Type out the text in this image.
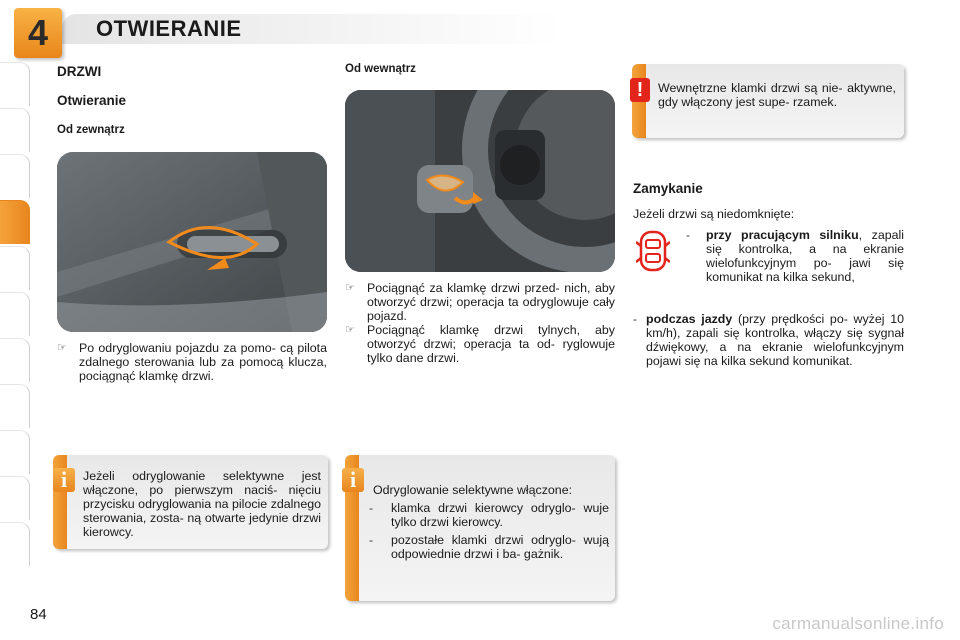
4	OTWIERANIE
DRZWI
Otwieranie
Od zewnątrz
☞ Po odryglowaniu pojazdu za pomo- cą pilota zdalnego sterowania lub za pomocą klucza, pociągnąć klamkę drzwi.
Jeżeli odryglowanie selektywne jest włączone, po pierwszym naciś- nięciu przycisku odryglowania na pilocie zdalnego sterowania, zosta- ną otwarte jedynie drzwi kierowcy.
i
Od wewnątrz
☞ Pociągnąć za klamkę drzwi przed- nich, aby otworzyć drzwi; operacja ta odryglowuje cały pojazd.
☞ Pociągnąć klamkę drzwi tylnych, aby otworzyć drzwi; operacja ta od- ryglowuje tylko dane drzwi.
Odryglowanie selektywne włączone:
- klamka drzwi kierowcy odryglo- wuje tylko drzwi kierowcy.
- pozostałe klamki drzwi odryglo- wują odpowiednie drzwi i ba- gażnik.
i
Wewnętrzne klamki drzwi są nie- aktywne, gdy włączony jest supe- rzamek.
!
Zamykanie
Jeżeli drzwi są niedomknięte:
- przy pracującym silniku, zapali się kontrolka, a na ekranie wielofunkcyjnym po- jawi się komunikat na kilka sekund,
- podczas jazdy (przy prędkości po- wyżej 10 km/h), zapali się kontrolka, włączy się sygnał dźwiękowy, a na ekranie wielofunkcyjnym pojawi się na kilka sekund komunikat.
84	carmanualsonline.info
